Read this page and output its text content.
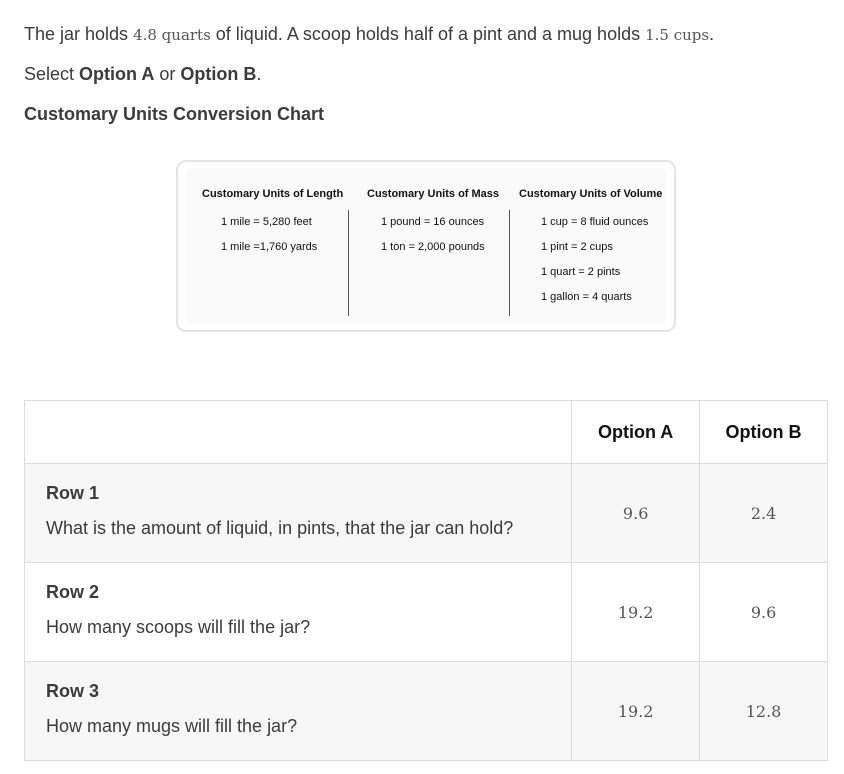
The jar holds 4.8 quarts of liquid. A scoop holds half of a pint and a mug holds 1.5 cups.
Select Option A or Option B.
Customary Units Conversion Chart
Customary Units of Length
1 mile = 5,280 feet
1 mile =1,760 yards
Customary Units of Mass
1 pound = 16 ounces
1 ton = 2,000 pounds
Customary Units of Volume
1 cup = 8 fluid ounces
1 pint = 2 cups
1 quart = 2 pints
1 gallon = 4 quarts
	Option A	Option B

Row 1
What is the amount of liquid, in pints, that the jar can hold?	9.6	2.4

Row 2
How many scoops will fill the jar?	19.2	9.6

Row 3
How many mugs will fill the jar?	19.2	12.8
